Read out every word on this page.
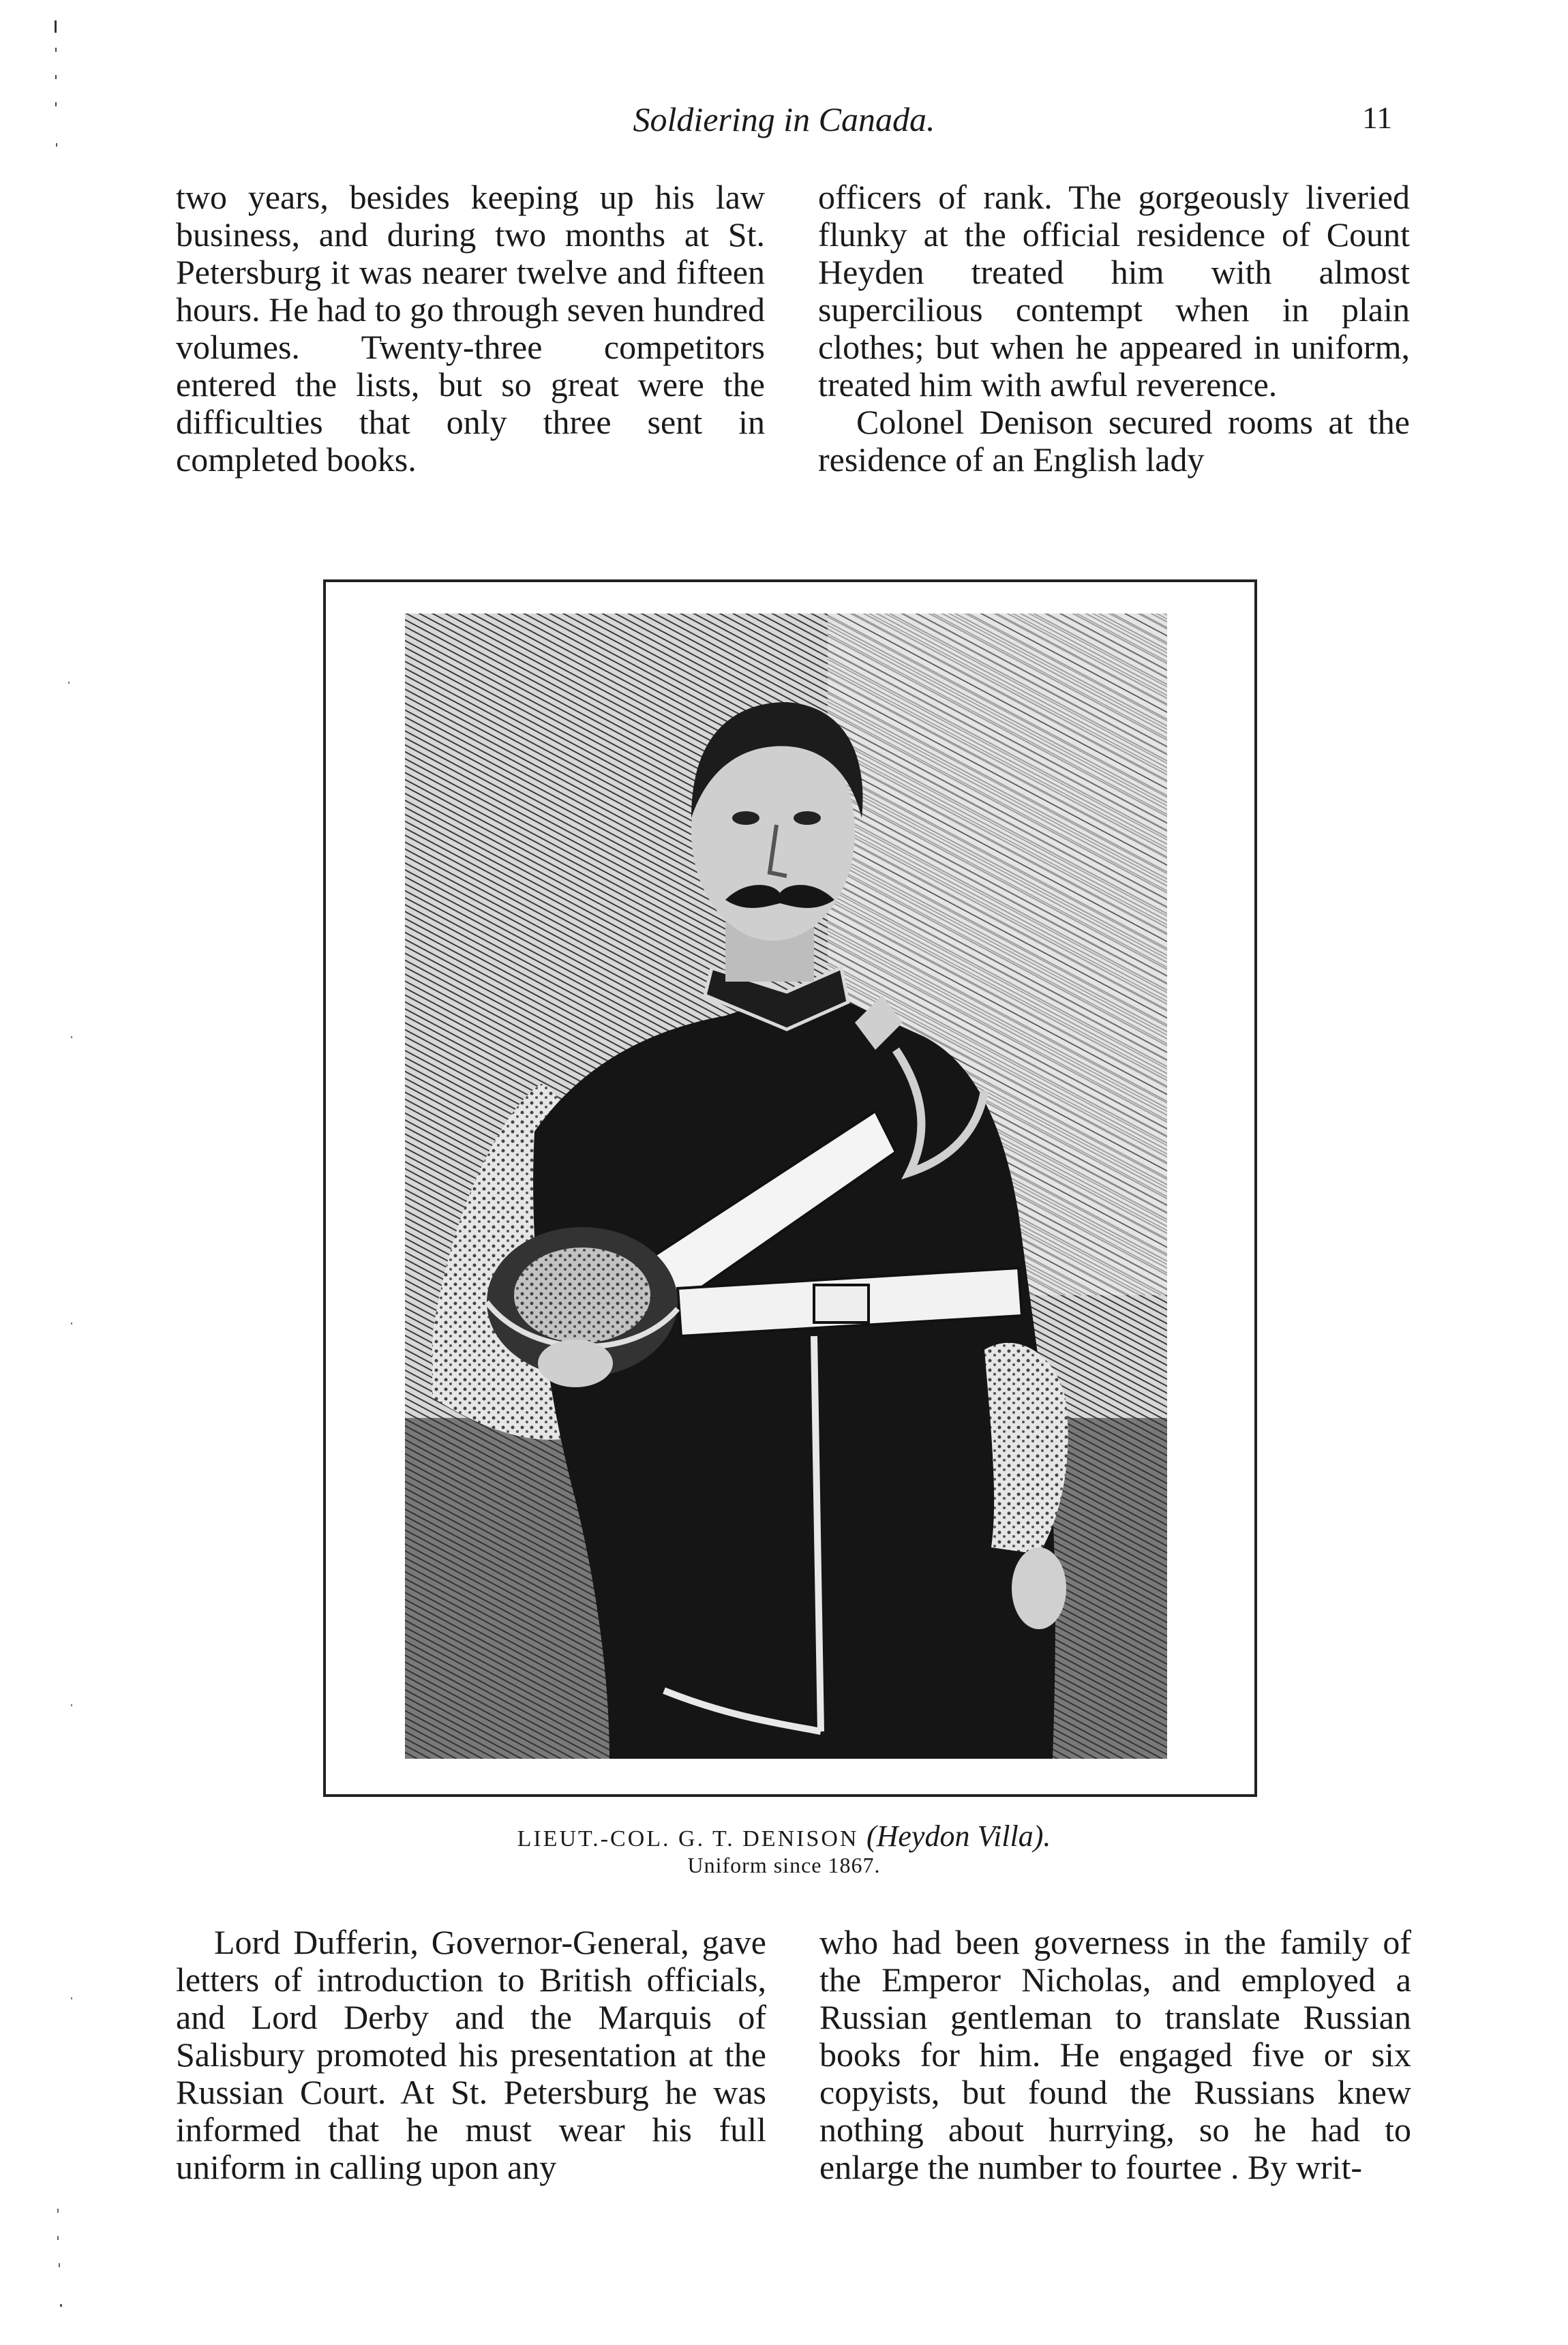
Soldiering in Canada.	11

two years, besides keeping up his law business, and during two months at St. Petersburg it was nearer twelve and fifteen hours. He had to go through seven hundred volumes. Twenty-three competitors entered the lists, but so great were the difficulties that only three sent in completed books.

officers of rank. The gorgeously liveried flunky at the official residence of Count Heyden treated him with almost supercilious contempt when in plain clothes; but when he appeared in uniform, treated him with awful reverence.

Colonel Denison secured rooms at the residence of an English lady

LIEUT.-COL. G. T. DENISON (Heydon Villa).
Uniform since 1867.

Lord Dufferin, Governor-General, gave letters of introduction to British officials, and Lord Derby and the Marquis of Salisbury promoted his presentation at the Russian Court. At St. Petersburg he was informed that he must wear his full uniform in calling upon any

who had been governess in the family of the Emperor Nicholas, and employed a Russian gentleman to translate Russian books for him. He engaged five or six copyists, but found the Russians knew nothing about hurrying, so he had to enlarge the number to fourtee . By writ-
